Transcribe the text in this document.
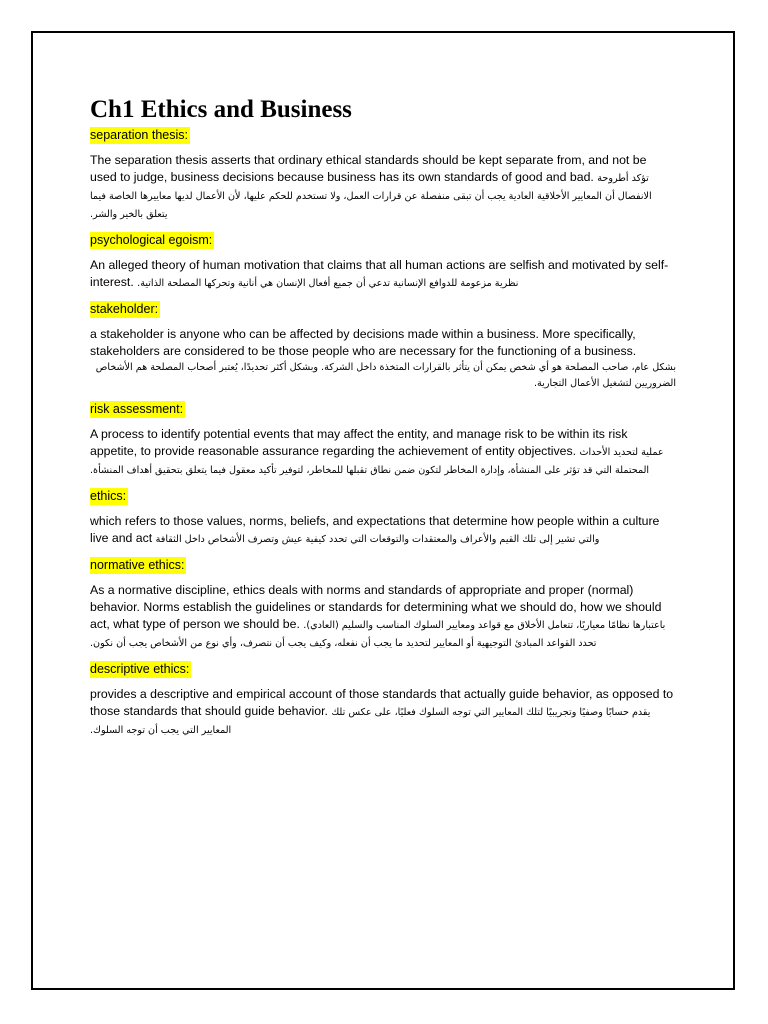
Ch1 Ethics and Business
separation thesis:

The separation thesis asserts that ordinary ethical standards should be kept separate from, and not be used to judge, business decisions because business has its own standards of good and bad. تؤكد أطروحة الانفصال أن المعايير الأخلاقية العادية يجب أن تبقى منفصلة عن قرارات العمل، ولا تستخدم للحكم عليها، لأن الأعمال لديها معاييرها الخاصة فيما يتعلق بالخير والشر.

psychological egoism:

An alleged theory of human motivation that claims that all human actions are selfish and motivated by self-interest. نظرية مزعومة للدوافع الإنسانية تدعي أن جميع أفعال الإنسان هي أنانية وتحركها المصلحة الذاتية.

stakeholder:

a stakeholder is anyone who can be affected by decisions made within a business. More specifically, stakeholders are considered to be those people who are necessary for the functioning of a business.
بشكل عام، صاحب المصلحة هو أي شخص يمكن أن يتأثر بالقرارات المتخذة داخل الشركة. وبشكل أكثر تحديدًا، يُعتبر أصحاب المصلحة هم الأشخاص الضروريين لتشغيل الأعمال التجارية.

risk assessment:

A process to identify potential events that may affect the entity, and manage risk to be within its risk appetite, to provide reasonable assurance regarding the achievement of entity objectives. عملية لتحديد الأحداث المحتملة التي قد تؤثر على المنشأة، وإدارة المخاطر لتكون ضمن نطاق تقبلها للمخاطر، لتوفير تأكيد معقول فيما يتعلق بتحقيق أهداف المنشأة.

ethics:

which refers to those values, norms, beliefs, and expectations that determine how people within a culture live and act والتي تشير إلى تلك القيم والأعراف والمعتقدات والتوقعات التي تحدد كيفية عيش وتصرف الأشخاص داخل الثقافة

normative ethics:

As a normative discipline, ethics deals with norms and standards of appropriate and proper (normal) behavior. Norms establish the guidelines or standards for determining what we should do, how we should act, what type of person we should be. باعتبارها نظامًا معياريًا، تتعامل الأخلاق مع قواعد ومعايير السلوك المناسب والسليم (العادي). تحدد القواعد المبادئ التوجيهية أو المعايير لتحديد ما يجب أن نفعله، وكيف يجب أن نتصرف، وأي نوع من الأشخاص يجب أن نكون.

descriptive ethics:

provides a descriptive and empirical account of those standards that actually guide behavior, as opposed to those standards that should guide behavior. يقدم حسابًا وصفيًا وتجريبيًا لتلك المعايير التي توجه السلوك فعليًا، على عكس تلك المعايير التي يجب أن توجه السلوك.
